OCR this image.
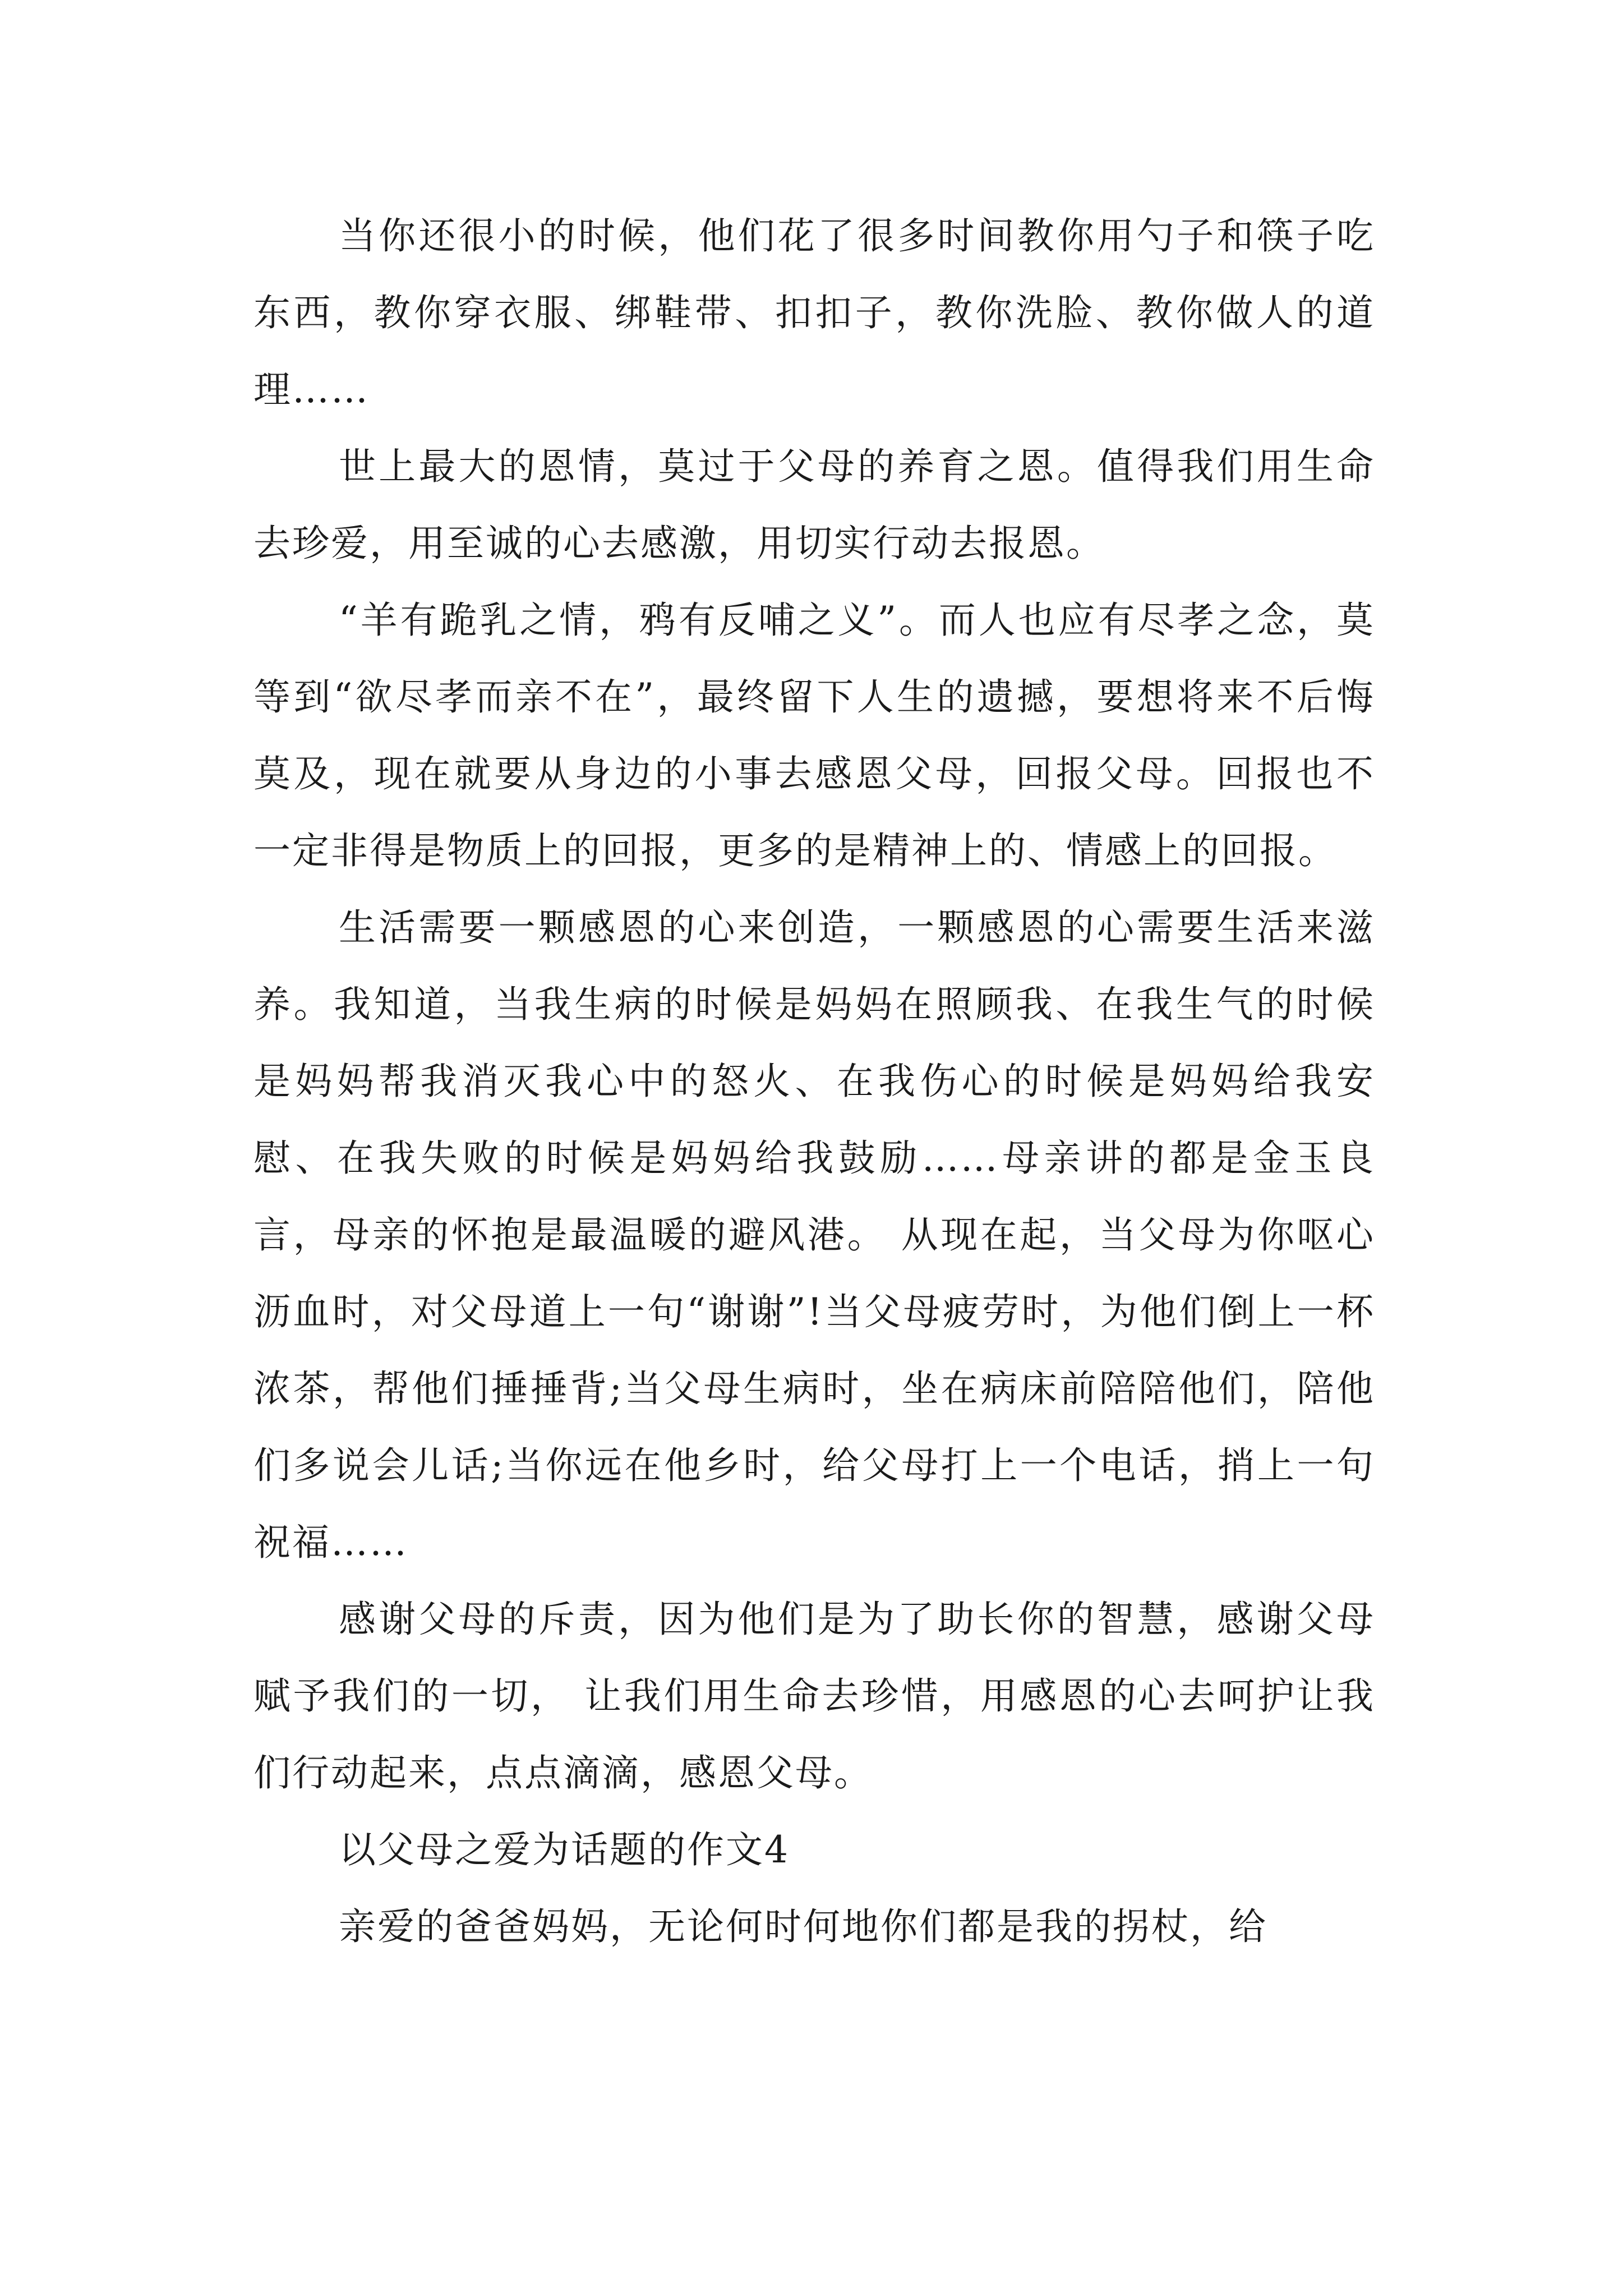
当你还很小的时候，他们花了很多时间教你用勺子和筷子吃东西，教你穿衣服、绑鞋带、扣扣子，教你洗脸、教你做人的道理……

世上最大的恩情，莫过于父母的养育之恩。值得我们用生命去珍爱，用至诚的心去感激，用切实行动去报恩。

“羊有跪乳之情，鸦有反哺之义”。而人也应有尽孝之念，莫等到“欲尽孝而亲不在”，最终留下人生的遗撼，要想将来不后悔莫及，现在就要从身边的小事去感恩父母，回报父母。回报也不一定非得是物质上的回报，更多的是精神上的、情感上的回报。

生活需要一颗感恩的心来创造，一颗感恩的心需要生活来滋养。我知道，当我生病的时候是妈妈在照顾我、在我生气的时候是妈妈帮我消灭我心中的怒火、在我伤心的时候是妈妈给我安慰、在我失败的时候是妈妈给我鼓励……母亲讲的都是金玉良言，母亲的怀抱是最温暖的避风港。 从现在起，当父母为你呕心沥血时，对父母道上一句“谢谢”!当父母疲劳时，为他们倒上一杯浓茶，帮他们捶捶背;当父母生病时，坐在病床前陪陪他们，陪他们多说会儿话;当你远在他乡时，给父母打上一个电话，捎上一句祝福……

感谢父母的斥责，因为他们是为了助长你的智慧，感谢父母赋予我们的一切， 让我们用生命去珍惜，用感恩的心去呵护让我们行动起来，点点滴滴，感恩父母。

以父母之爱为话题的作文4

亲爱的爸爸妈妈，无论何时何地你们都是我的拐杖，给
